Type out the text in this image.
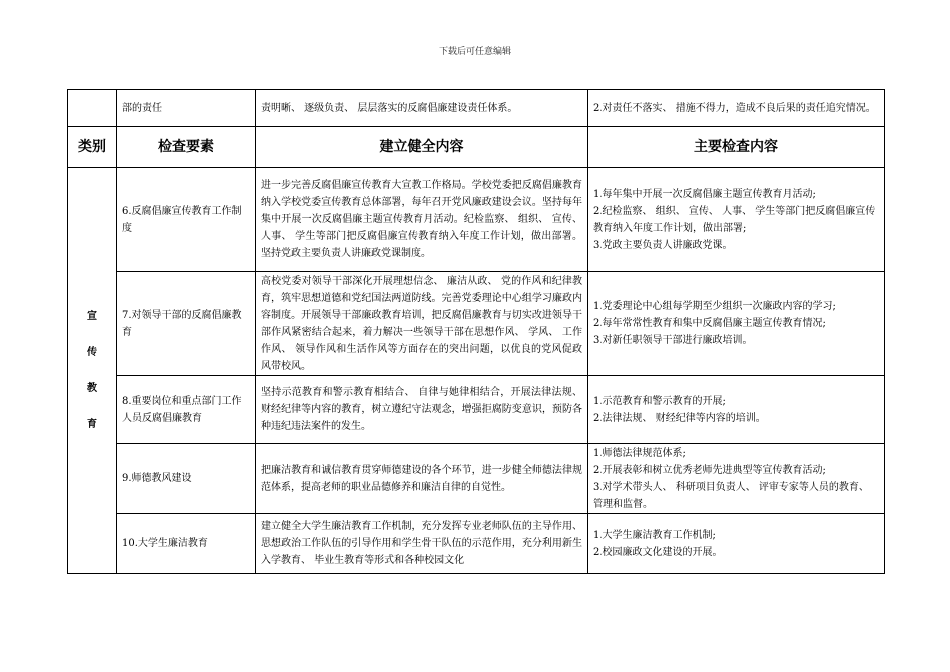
下载后可任意编辑
	部的责任	责明晰、 逐级负责、 层层落实的反腐倡廉建设责任体系。	2.对责任不落实、 措施不得力，造成不良后果的责任追究情况。
类别	检查要素	建立健全内容	主要检查内容

宣
传
教
育	6.反腐倡廉宣传教育工作制度	进一步完善反腐倡廉宣传教育大宣教工作格局。学校党委把反腐倡廉教育纳入学校党委宣传教育总体部署，每年召开党风廉政建设会议。坚持每年集中开展一次反腐倡廉主题宣传教育月活动。纪检监察、 组织、 宣传、 人事、 学生等部门把反腐倡廉宣传教育纳入年度工作计划，做出部署。坚持党政主要负责人讲廉政党课制度。	1.每年集中开展一次反腐倡廉主题宣传教育月活动;
2.纪检监察、 组织、 宣传、 人事、 学生等部门把反腐倡廉宣传教育纳入年度工作计划，做出部署;
3.党政主要负责人讲廉政党课。

	7.对领导干部的反腐倡廉教育	高校党委对领导干部深化开展理想信念、 廉洁从政、 党的作风和纪律教育，筑牢思想道德和党纪国法两道防线。完善党委理论中心组学习廉政内容制度。开展领导干部廉政教育培训，把反腐倡廉教育与切实改进领导干部作风紧密结合起来，着力解决一些领导干部在思想作风、 学风、 工作作风、 领导作风和生活作风等方面存在的突出问题，以优良的党风促政风带校风。	1.党委理论中心组每学期至少组织一次廉政内容的学习;
2.每年常常性教育和集中反腐倡廉主题宣传教育情况;
3.对新任职领导干部进行廉政培训。

	8.重要岗位和重点部门工作人员反腐倡廉教育	坚持示范教育和警示教育相结合、 自律与她律相结合，开展法律法规、 财经纪律等内容的教育，树立遵纪守法观念，增强拒腐防变意识，预防各种违纪违法案件的发生。	1.示范教育和警示教育的开展;
2.法律法规、 财经纪律等内容的培训。

	9.师德教风建设	把廉洁教育和诚信教育贯穿师德建设的各个环节，进一步健全师德法律规范体系，提高老师的职业品德修养和廉洁自律的自觉性。	1.师德法律规范体系;
2.开展表彰和树立优秀老师先进典型等宣传教育活动;
3.对学术带头人、 科研项目负责人、 评审专家等人员的教育、 管理和监督。

	10.大学生廉洁教育	建立健全大学生廉洁教育工作机制，充分发挥专业老师队伍的主导作用、 思想政治工作队伍的引导作用和学生骨干队伍的示范作用，充分利用新生入学教育、 毕业生教育等形式和各种校园文化	1.大学生廉洁教育工作机制;
2.校园廉政文化建设的开展。
